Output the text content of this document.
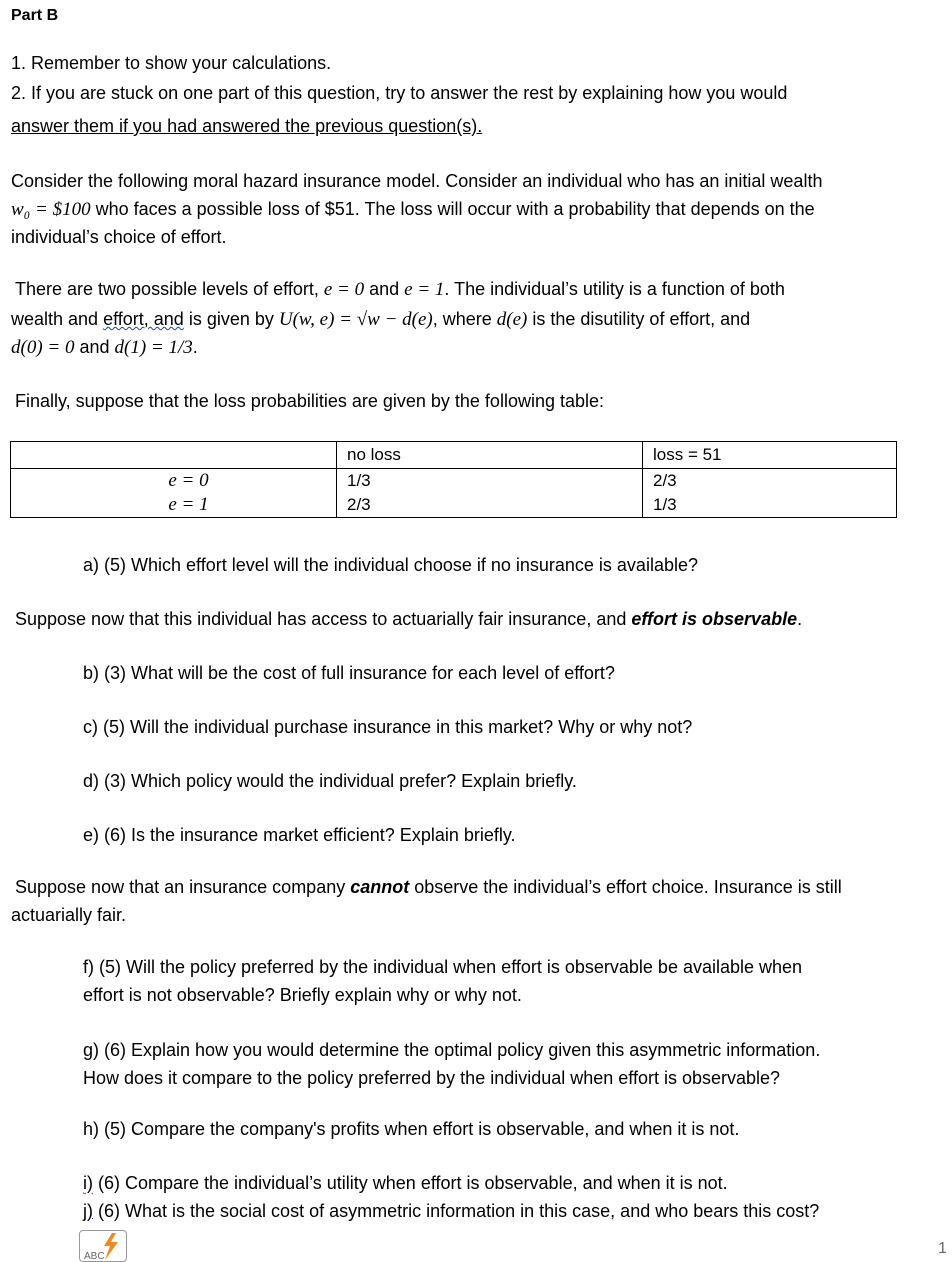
Part B
1. Remember to show your calculations.
2. If you are stuck on one part of this question, try to answer the rest by explaining how you would
answer them if you had answered the previous question(s).
Consider the following moral hazard insurance model. Consider an individual who has an initial wealth
w₀ = $100 who faces a possible loss of $51. The loss will occur with a probability that depends on the
individual’s choice of effort.
There are two possible levels of effort, e = 0 and e = 1. The individual’s utility is a function of both
wealth and effort, and is given by U(w, e) = √w − d(e), where d(e) is the disutility of effort, and
d(0) = 0 and d(1) = 1/3.
Finally, suppose that the loss probabilities are given by the following table:
	no loss	loss = 51
e = 0	1/3	2/3
e = 1	2/3	1/3
a) (5) Which effort level will the individual choose if no insurance is available?
Suppose now that this individual has access to actuarially fair insurance, and effort is observable.
b) (3) What will be the cost of full insurance for each level of effort?
c) (5) Will the individual purchase insurance in this market? Why or why not?
d) (3) Which policy would the individual prefer? Explain briefly.
e) (6) Is the insurance market efficient? Explain briefly.
Suppose now that an insurance company cannot observe the individual’s effort choice. Insurance is still
actuarially fair.
f) (5) Will the policy preferred by the individual when effort is observable be available when
effort is not observable? Briefly explain why or why not.
g) (6) Explain how you would determine the optimal policy given this asymmetric information.
How does it compare to the policy preferred by the individual when effort is observable?
h) (5) Compare the company's profits when effort is observable, and when it is not.
i) (6) Compare the individual’s utility when effort is observable, and when it is not.
j) (6) What is the social cost of asymmetric information in this case, and who bears this cost?
ABC	1
